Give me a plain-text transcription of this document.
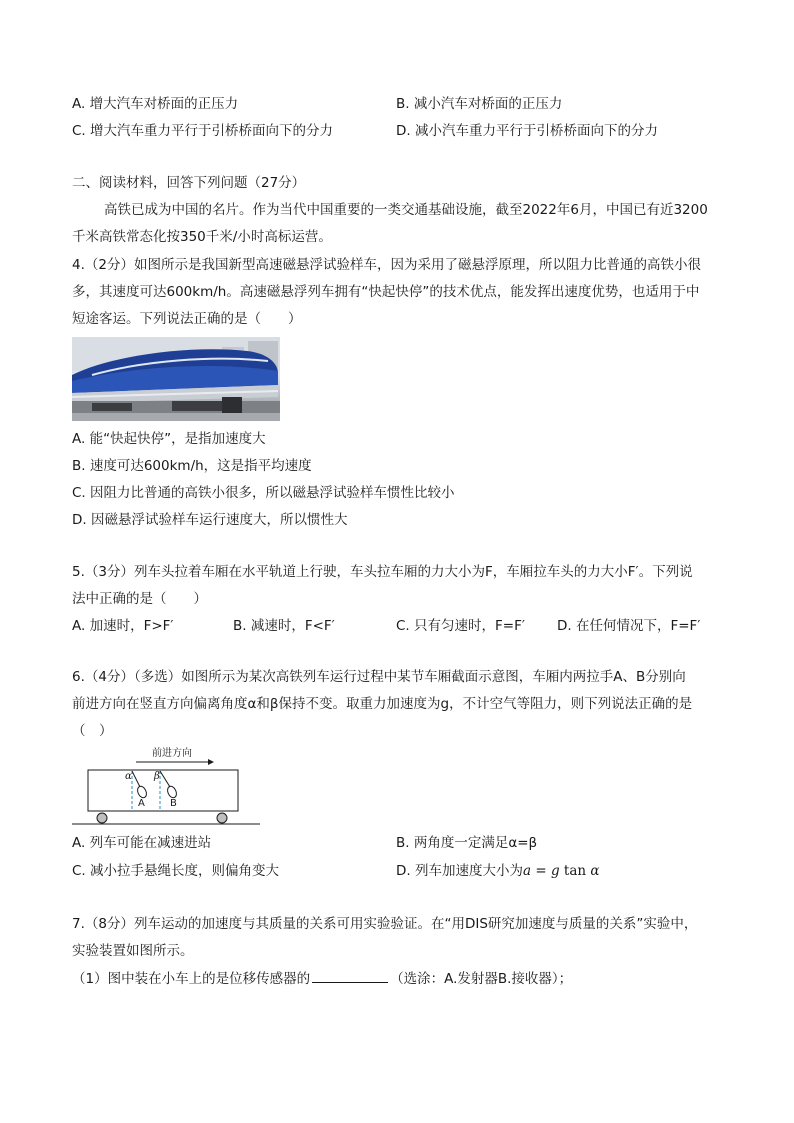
A. 增大汽车对桥面的正压力	B. 减小汽车对桥面的正压力
C. 增大汽车重力平行于引桥桥面向下的分力	D. 减小汽车重力平行于引桥桥面向下的分力
二、阅读材料，回答下列问题（27分）
高铁已成为中国的名片。作为当代中国重要的一类交通基础设施，截至2022年6月，中国已有近3200
千米高铁常态化按350千米/小时高标运营。
4.（2分）如图所示是我国新型高速磁悬浮试验样车，因为采用了磁悬浮原理，所以阻力比普通的高铁小很
多，其速度可达600km/h。高速磁悬浮列车拥有“快起快停”的技术优点，能发挥出速度优势，也适用于中
短途客运。下列说法正确的是（　　）
A. 能“快起快停”，是指加速度大
B. 速度可达600km/h，这是指平均速度
C. 因阻力比普通的高铁小很多，所以磁悬浮试验样车惯性比较小
D. 因磁悬浮试验样车运行速度大，所以惯性大
5.（3分）列车头拉着车厢在水平轨道上行驶，车头拉车厢的力大小为F，车厢拉车头的力大小F′。下列说
法中正确的是（　　）
A. 加速时，F>F′	B. 减速时，F<F′	C. 只有匀速时，F=F′ D. 在任何情况下，F=F′
6.（4分）（多选）如图所示为某次高铁列车运行过程中某节车厢截面示意图，车厢内两拉手A、B分别向
前进方向在竖直方向偏离角度α和β保持不变。取重力加速度为g，不计空气等阻力，则下列说法正确的是
（　）
前进方向
α β
A	B
A. 列车可能在减速进站	B. 两角度一定满足α=β
C. 减小拉手悬绳长度，则偏角变大	D. 列车加速度大小为a = g tan α
7.（8分）列车运动的加速度与其质量的关系可用实验验证。在“用DIS研究加速度与质量的关系”实验中，
实验装置如图所示。
（1）图中装在小车上的是位移传感器的	（选涂：A.发射器B.接收器）；
